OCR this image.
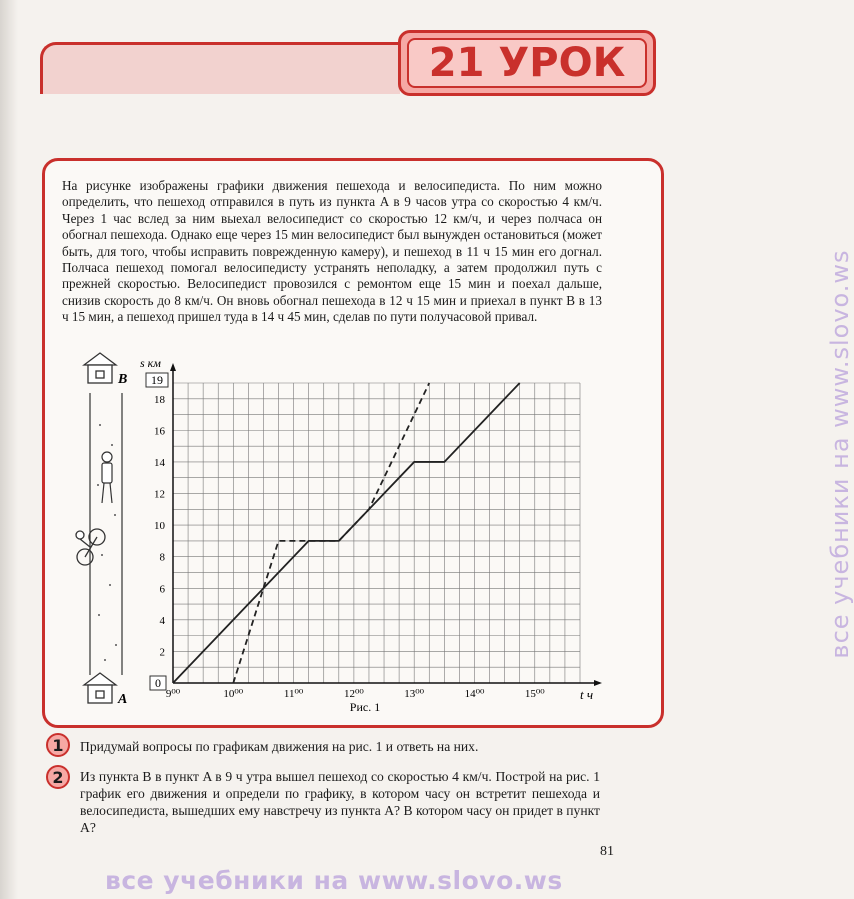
21 УРОК

На рисунке изображены графики движения пешехода и велосипедиста. По ним можно определить, что пешеход отправился в путь из пункта A в 9 часов утра со скоростью 4 км/ч. Через 1 час вслед за ним выехал велосипедист со скоростью 12 км/ч, и через полчаса он обогнал пешехода. Однако еще через 15 мин велосипедист был вынужден остановиться (может быть, для того, чтобы исправить поврежденную камеру), и пешеход в 11 ч 15 мин его догнал. Полчаса пешеход помогал велосипедисту устранять неполадку, а затем продолжил путь с прежней скоростью. Велосипедист провозился с ремонтом еще 15 мин и поехал дальше, снизив скорость до 8 км/ч. Он вновь обогнал пешехода в 12 ч 15 мин и приехал в пункт B в 13 ч 15 мин, а пешеход пришел туда в 14 ч 45 мин, сделав по пути получасовой привал.

B
A	9⁰⁰	10⁰⁰	11⁰⁰	12⁰⁰	13⁰⁰	14⁰⁰	15⁰⁰
2
4
6
8
10
12
14
16
18
0
19
s км
t ч
Рис. 1
1 Придумай вопросы по графикам движения на рис. 1 и ответь на них.

2 Из пункта B в пункт A в 9 ч утра вышел пешеход со скоростью 4 км/ч. Построй на рис. 1 график его движения и определи по графику, в котором часу он встретит пешехода и велосипедиста, вышедших ему навстречу из пункта A? В котором часу он придет в пункт A?

81
все учебники на www.slovo.ws
все учебники на www.slovo.ws
